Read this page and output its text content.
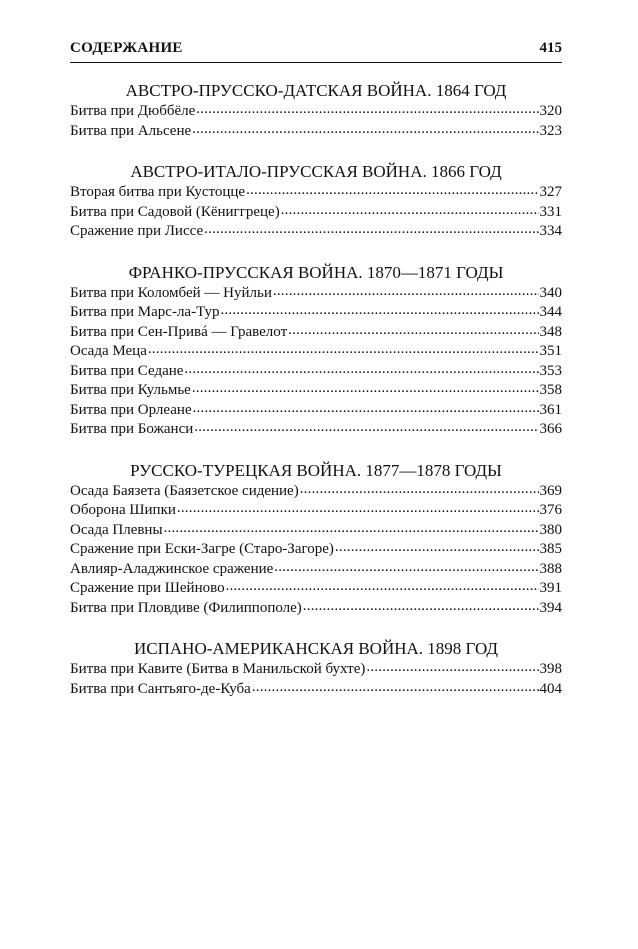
СОДЕРЖАНИЕ	415
АВСТРО-ПРУССКО-ДАТСКАЯ ВОЙНА. 1864 ГОД
Битва при Дюббёле .....	320
Битва при Альсене .....	323
АВСТРО-ИТАЛО-ПРУССКАЯ ВОЙНА. 1866 ГОД
Вторая битва при Кустоцце .....	327
Битва при Садовой (Кёниггреце) .....	331
Сражение при Лиссе .....	334
ФРАНКО-ПРУССКАЯ ВОЙНА. 1870—1871 ГОДЫ
Битва при Коломбей — Нуйльи .....	340
Битва при Марс-ла-Тур .....	344
Битва при Сен-Привá — Гравелот .....	348
Осада Меца .....	351
Битва при Седане .....	353
Битва при Кульмье .....	358
Битва при Орлеане .....	361
Битва при Божанси .....	366
РУССКО-ТУРЕЦКАЯ ВОЙНА. 1877—1878 ГОДЫ
Осада Баязета (Баязетское сидение) .....	369
Оборона Шипки .....	376
Осада Плевны .....	380
Сражение при Ески-Загре (Старо-Загоре) .....	385
Авлияр-Аладжинское сражение .....	388
Сражение при Шейново .....	391
Битва при Пловдиве (Филиппополе) .....	394
ИСПАНО-АМЕРИКАНСКАЯ ВОЙНА. 1898 ГОД
Битва при Кавите (Битва в Манильской бухте) .....	398
Битва при Сантьяго-де-Куба .....	404
